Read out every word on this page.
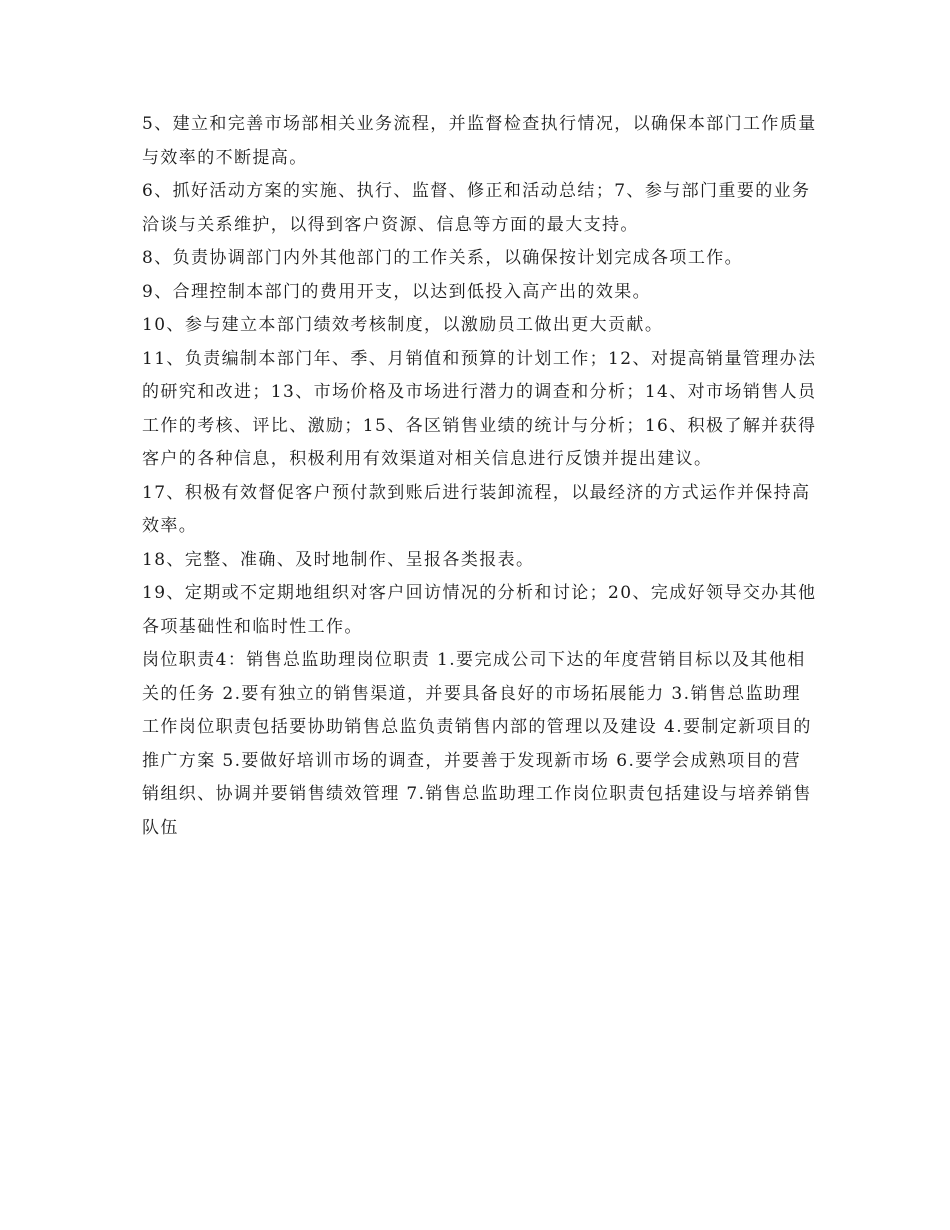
5、建立和完善市场部相关业务流程，并监督检查执行情况，以确保本部门工作质量与效率的不断提高。

6、抓好活动方案的实施、执行、监督、修正和活动总结；7、参与部门重要的业务洽谈与关系维护，以得到客户资源、信息等方面的最大支持。

8、负责协调部门内外其他部门的工作关系，以确保按计划完成各项工作。

9、合理控制本部门的费用开支，以达到低投入高产出的效果。

10、参与建立本部门绩效考核制度，以激励员工做出更大贡献。

11、负责编制本部门年、季、月销值和预算的计划工作；12、对提高销量管理办法的研究和改进；13、市场价格及市场进行潜力的调查和分析；14、对市场销售人员工作的考核、评比、激励；15、各区销售业绩的统计与分析；16、积极了解并获得客户的各种信息，积极利用有效渠道对相关信息进行反馈并提出建议。

17、积极有效督促客户预付款到账后进行装卸流程，以最经济的方式运作并保持高效率。

18、完整、准确、及时地制作、呈报各类报表。

19、定期或不定期地组织对客户回访情况的分析和讨论；20、完成好领导交办其他各项基础性和临时性工作。

岗位职责4：销售总监助理岗位职责 1.要完成公司下达的年度营销目标以及其他相关的任务 2.要有独立的销售渠道，并要具备良好的市场拓展能力 3.销售总监助理工作岗位职责包括要协助销售总监负责销售内部的管理以及建设 4.要制定新项目的推广方案 5.要做好培训市场的调查，并要善于发现新市场 6.要学会成熟项目的营销组织、协调并要销售绩效管理 7.销售总监助理工作岗位职责包括建设与培养销售队伍
